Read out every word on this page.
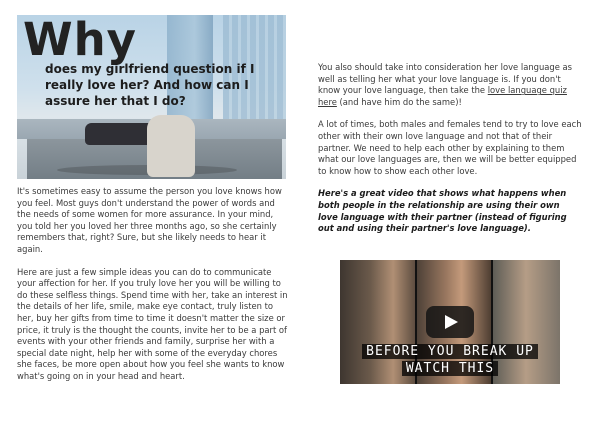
Why
does my girlfriend question if I really love her? And how can I assure her that I do?

It's sometimes easy to assume the person you love knows how you feel. Most guys don't understand the power of words and the needs of some women for more assurance. In your mind, you told her you loved her three months ago, so she certainly remembers that, right? Sure, but she likely needs to hear it again.

Here are just a few simple ideas you can do to communicate your affection for her. If you truly love her you will be willing to do these selfless things. Spend time with her, take an interest in the details of her life, smile, make eye contact, truly listen to her, buy her gifts from time to time it doesn't matter the size or price, it truly is the thought the counts, invite her to be a part of events with your other friends and family, surprise her with a special date night, help her with some of the everyday chores she faces, be more open about how you feel she wants to know what's going on in your head and heart.

You also should take into consideration her love language as well as telling her what your love language is. If you don't know your love language, then take the love language quiz here (and have him do the same)!

A lot of times, both males and females tend to try to love each other with their own love language and not that of their partner. We need to help each other by explaining to them what our love languages are, then we will be better equipped to know how to show each other love.

Here's a great video that shows what happens when both people in the relationship are using their own love language with their partner (instead of figuring out and using their partner's love language).

BEFORE YOU BREAK UP
WATCH THIS
